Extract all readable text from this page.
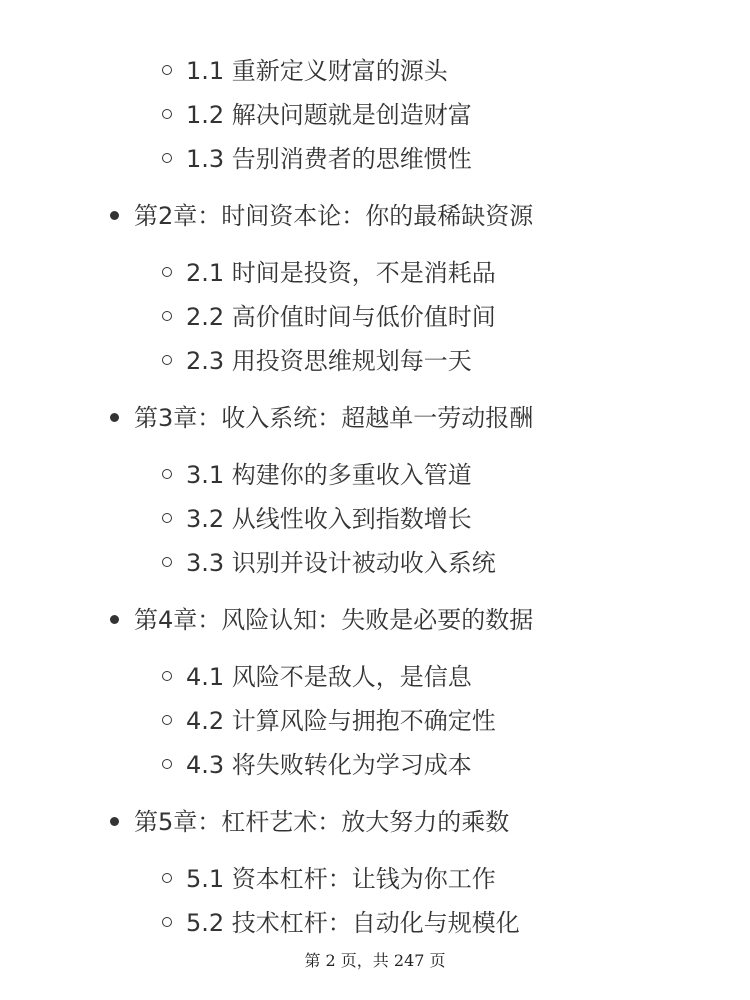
1.1 重新定义财富的源头
1.2 解决问题就是创造财富
1.3 告别消费者的思维惯性
第2章：时间资本论：你的最稀缺资源
2.1 时间是投资，不是消耗品
2.2 高价值时间与低价值时间
2.3 用投资思维规划每一天
第3章：收入系统：超越单一劳动报酬
3.1 构建你的多重收入管道
3.2 从线性收入到指数增长
3.3 识别并设计被动收入系统
第4章：风险认知：失败是必要的数据
4.1 风险不是敌人，是信息
4.2 计算风险与拥抱不确定性
4.3 将失败转化为学习成本
第5章：杠杆艺术：放大努力的乘数
5.1 资本杠杆：让钱为你工作
5.2 技术杠杆：自动化与规模化
第 2 页，共 247 页
